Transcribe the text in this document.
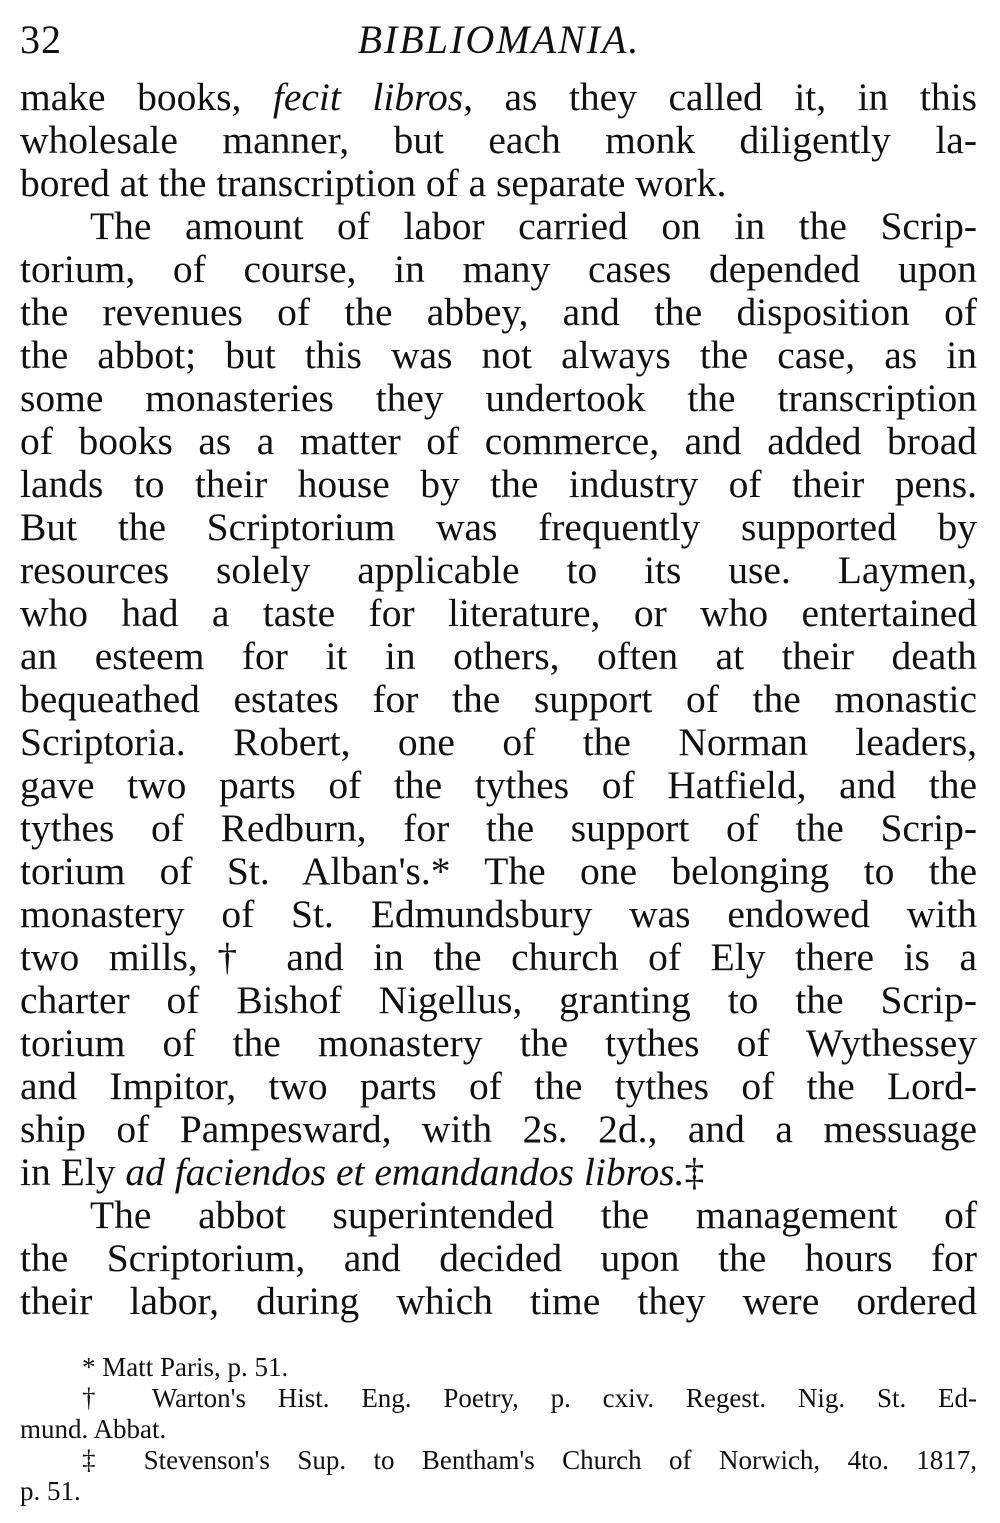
32	BIBLIOMANIA.
make books, fecit libros, as they called it, in this
wholesale manner, but each monk diligently la-
bored at the transcription of a separate work.
The amount of labor carried on in the Scrip-
torium, of course, in many cases depended upon
the revenues of the abbey, and the disposition of
the abbot; but this was not always the case, as in
some monasteries they undertook the transcription
of books as a matter of commerce, and added broad
lands to their house by the industry of their pens.
But the Scriptorium was frequently supported by
resources solely applicable to its use. Laymen,
who had a taste for literature, or who entertained
an esteem for it in others, often at their death
bequeathed estates for the support of the monastic
Scriptoria. Robert, one of the Norman leaders,
gave two parts of the tythes of Hatfield, and the
tythes of Redburn, for the support of the Scrip-
torium of St. Alban's.* The one belonging to the
monastery of St. Edmundsbury was endowed with
two mills,† and in the church of Ely there is a
charter of Bishof Nigellus, granting to the Scrip-
torium of the monastery the tythes of Wythessey
and Impitor, two parts of the tythes of the Lord-
ship of Pampesward, with 2s. 2d., and a messuage
in Ely ad faciendos et emandandos libros.‡
The abbot superintended the management of
the Scriptorium, and decided upon the hours for
their labor, during which time they were ordered
* Matt Paris, p. 51.
† Warton's Hist. Eng. Poetry, p. cxiv. Regest. Nig. St. Ed-
mund. Abbat.
‡ Stevenson's Sup. to Bentham's Church of Norwich, 4to. 1817,
p. 51.
